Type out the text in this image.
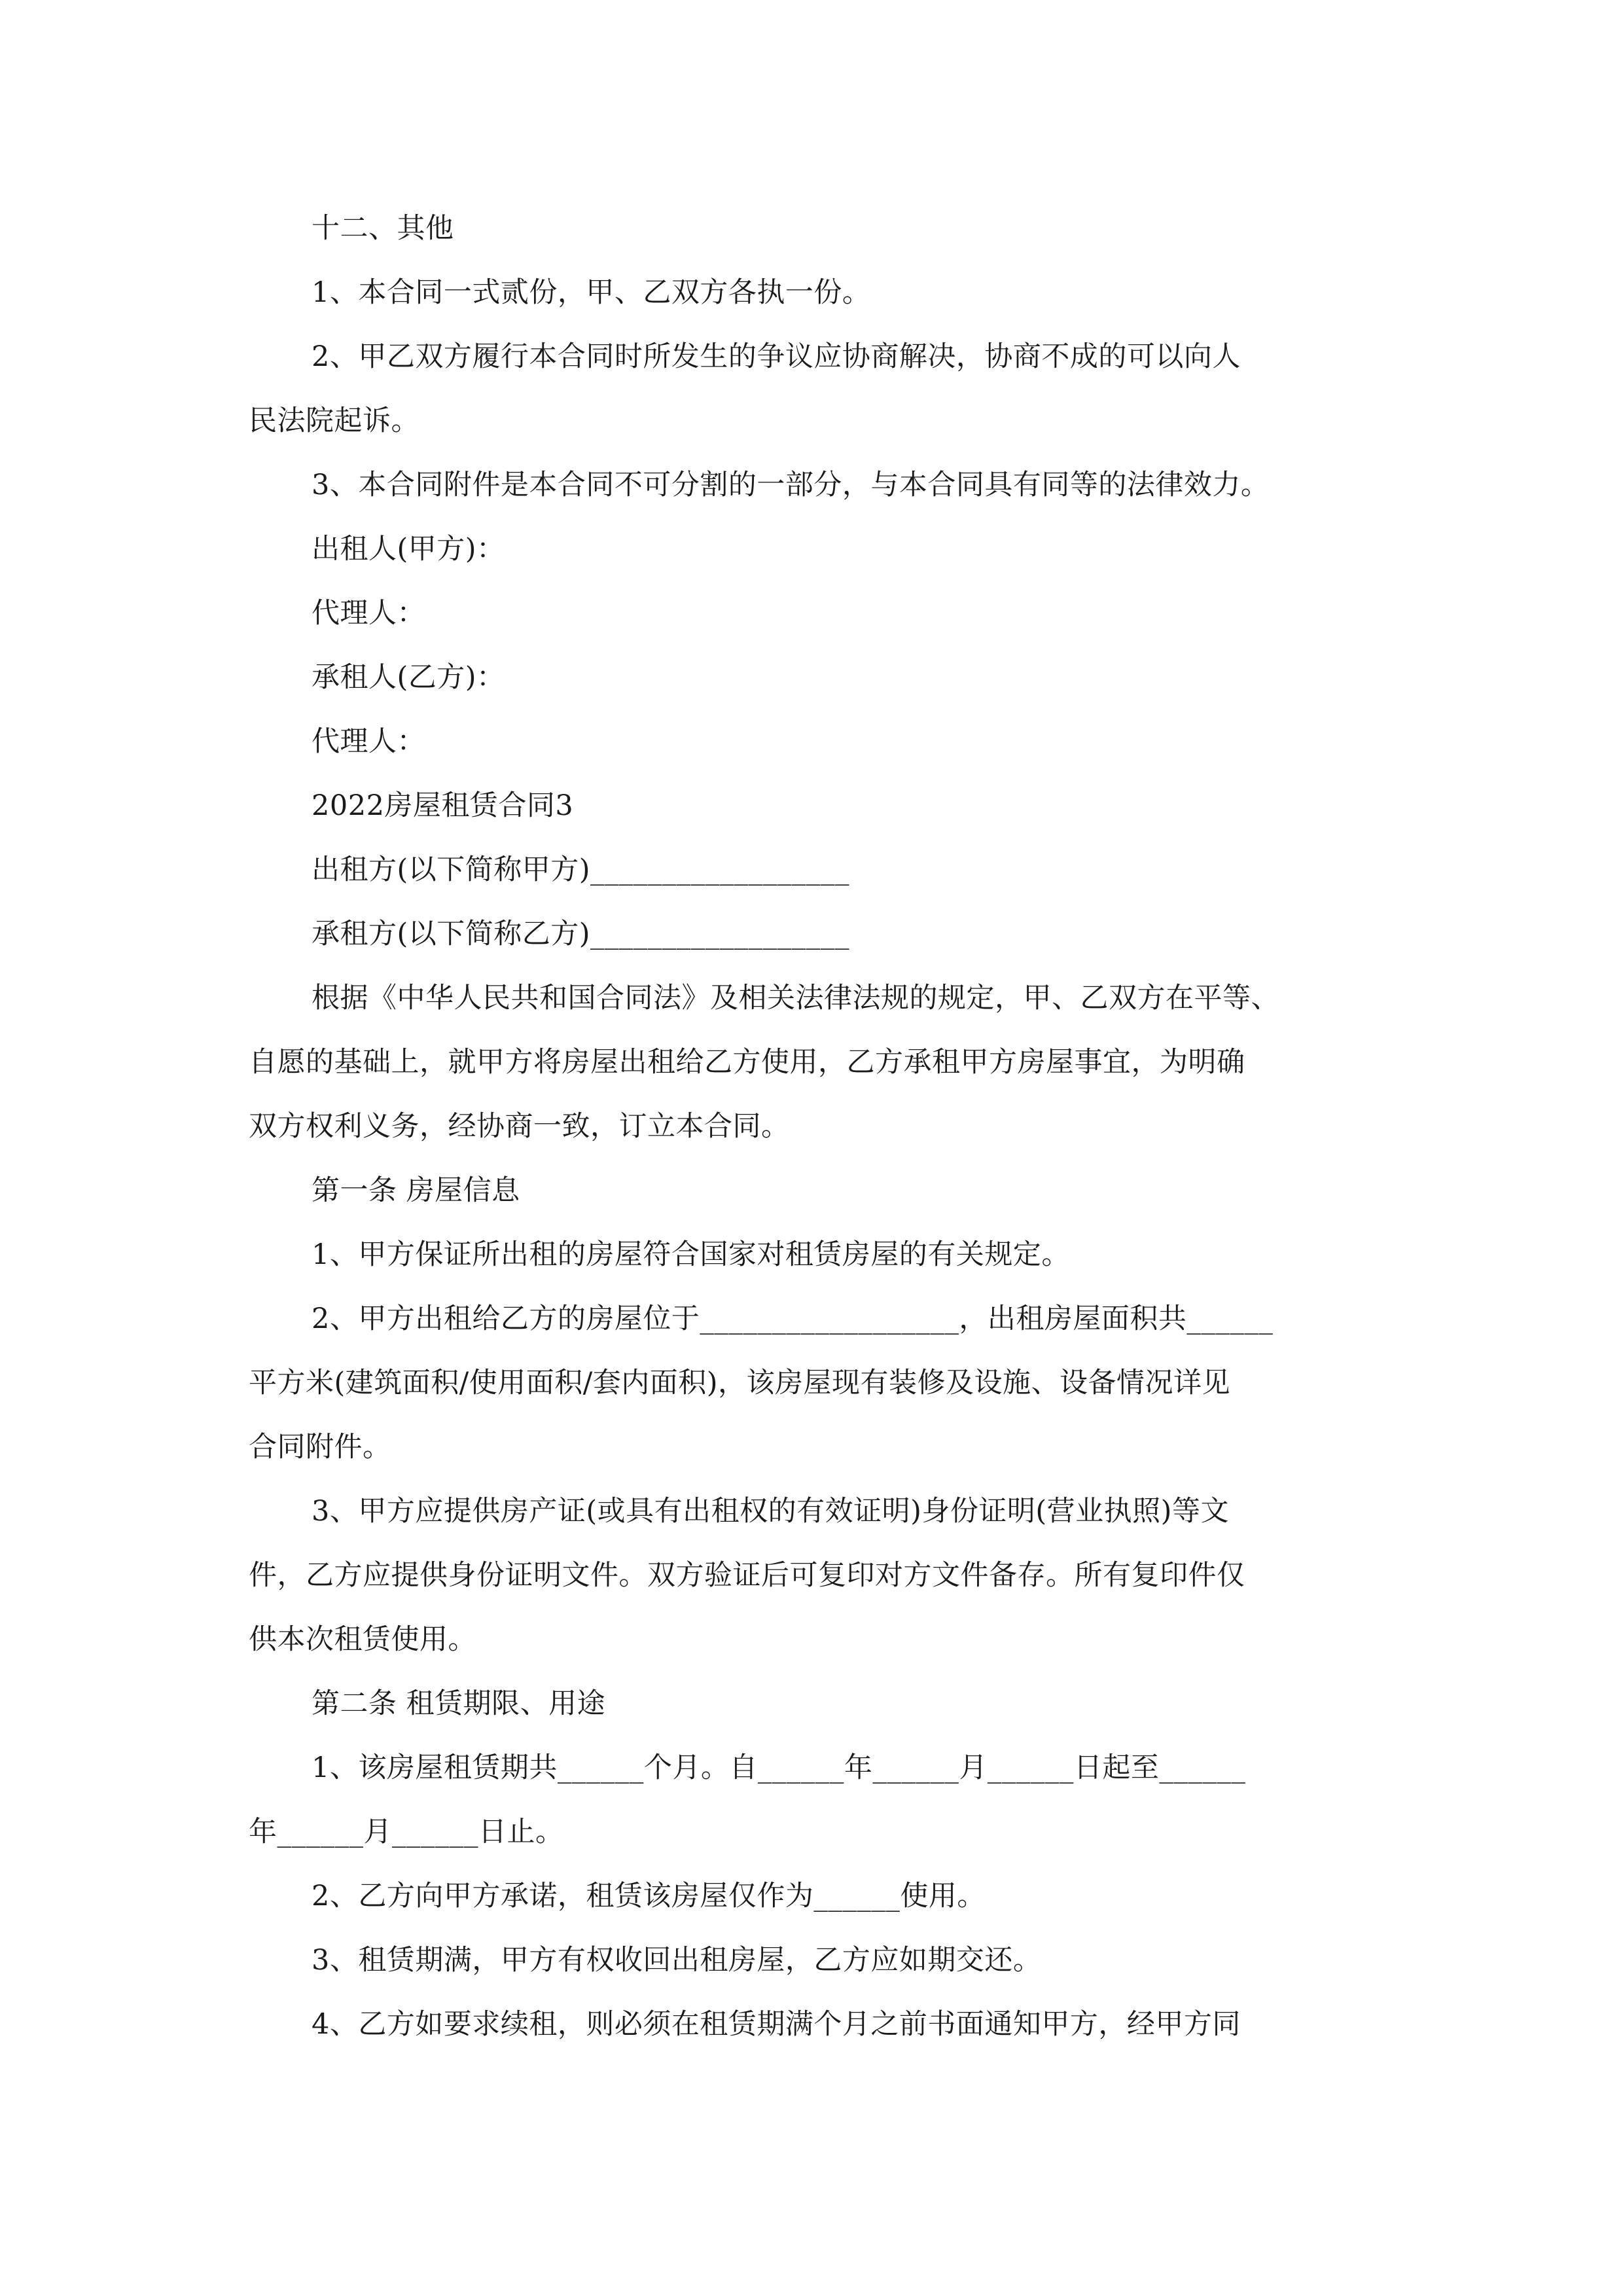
十二、其他
1、本合同一式贰份，甲、乙双方各执一份。
2、甲乙双方履行本合同时所发生的争议应协商解决，协商不成的可以向人
民法院起诉。
3、本合同附件是本合同不可分割的一部分，与本合同具有同等的法律效力。
出租人(甲方)：
代理人：
承租人(乙方)：
代理人：
2022房屋租赁合同3
出租方(以下简称甲方)__________________
承租方(以下简称乙方)__________________
根据《中华人民共和国合同法》及相关法律法规的规定，甲、乙双方在平等、
自愿的基础上，就甲方将房屋出租给乙方使用，乙方承租甲方房屋事宜，为明确
双方权利义务，经协商一致，订立本合同。
第一条 房屋信息
1、甲方保证所出租的房屋符合国家对租赁房屋的有关规定。
2、甲方出租给乙方的房屋位于__________________，出租房屋面积共______
平方米(建筑面积/使用面积/套内面积)，该房屋现有装修及设施、设备情况详见
合同附件。
3、甲方应提供房产证(或具有出租权的有效证明)身份证明(营业执照)等文
件，乙方应提供身份证明文件。双方验证后可复印对方文件备存。所有复印件仅
供本次租赁使用。
第二条 租赁期限、用途
1、该房屋租赁期共______个月。自______年______月______日起至______
年______月______日止。
2、乙方向甲方承诺，租赁该房屋仅作为______使用。
3、租赁期满，甲方有权收回出租房屋，乙方应如期交还。
4、乙方如要求续租，则必须在租赁期满个月之前书面通知甲方，经甲方同
